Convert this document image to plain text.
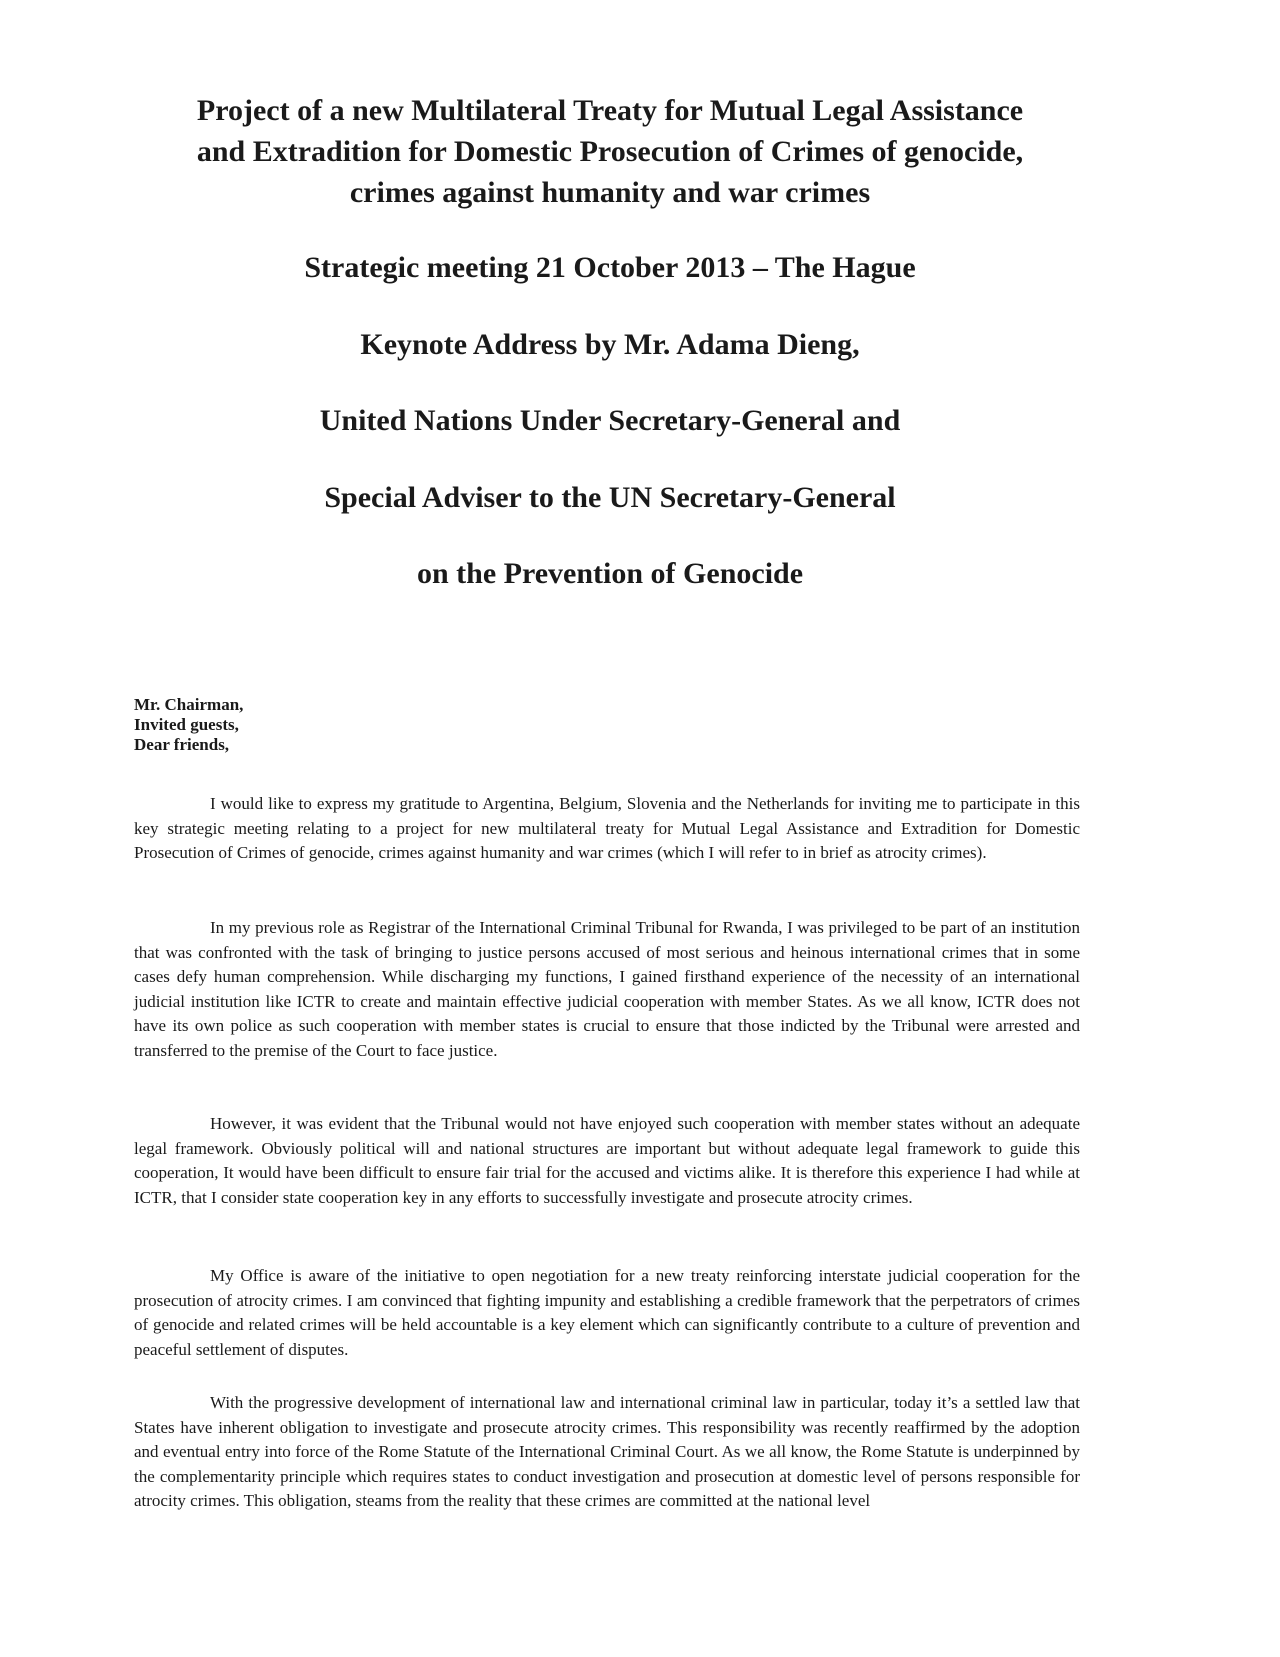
Project of a new Multilateral Treaty for Mutual Legal Assistance
and Extradition for Domestic Prosecution of Crimes of genocide,
crimes against humanity and war crimes
Strategic meeting 21 October 2013 – The Hague
Keynote Address by Mr. Adama Dieng,
United Nations Under Secretary-General and
Special Adviser to the UN Secretary-General
on the Prevention of Genocide
Mr. Chairman,
Invited guests,
Dear friends,

I would like to express my gratitude to Argentina, Belgium, Slovenia and the Netherlands for inviting me to participate in this key strategic meeting relating to a project for new multilateral treaty for Mutual Legal Assistance and Extradition for Domestic Prosecution of Crimes of genocide, crimes against humanity and war crimes (which I will refer to in brief as atrocity crimes).

In my previous role as Registrar of the International Criminal Tribunal for Rwanda, I was privileged to be part of an institution that was confronted with the task of bringing to justice persons accused of most serious and heinous international crimes that in some cases defy human comprehension. While discharging my functions, I gained firsthand experience of the necessity of an international judicial institution like ICTR to create and maintain effective judicial cooperation with member States. As we all know, ICTR does not have its own police as such cooperation with member states is crucial to ensure that those indicted by the Tribunal were arrested and transferred to the premise of the Court to face justice.

However, it was evident that the Tribunal would not have enjoyed such cooperation with member states without an adequate legal framework. Obviously political will and national structures are important but without adequate legal framework to guide this cooperation, It would have been difficult to ensure fair trial for the accused and victims alike. It is therefore this experience I had while at ICTR, that I consider state cooperation key in any efforts to successfully investigate and prosecute atrocity crimes.

My Office is aware of the initiative to open negotiation for a new treaty reinforcing interstate judicial cooperation for the prosecution of atrocity crimes. I am convinced that fighting impunity and establishing a credible framework that the perpetrators of crimes of genocide and related crimes will be held accountable is a key element which can significantly contribute to a culture of prevention and peaceful settlement of disputes.

With the progressive development of international law and international criminal law in particular, today it’s a settled law that States have inherent obligation to investigate and prosecute atrocity crimes. This responsibility was recently reaffirmed by the adoption and eventual entry into force of the Rome Statute of the International Criminal Court. As we all know, the Rome Statute is underpinned by the complementarity principle which requires states to conduct investigation and prosecution at domestic level of persons responsible for atrocity crimes. This obligation, steams from the reality that these crimes are committed at the national level
